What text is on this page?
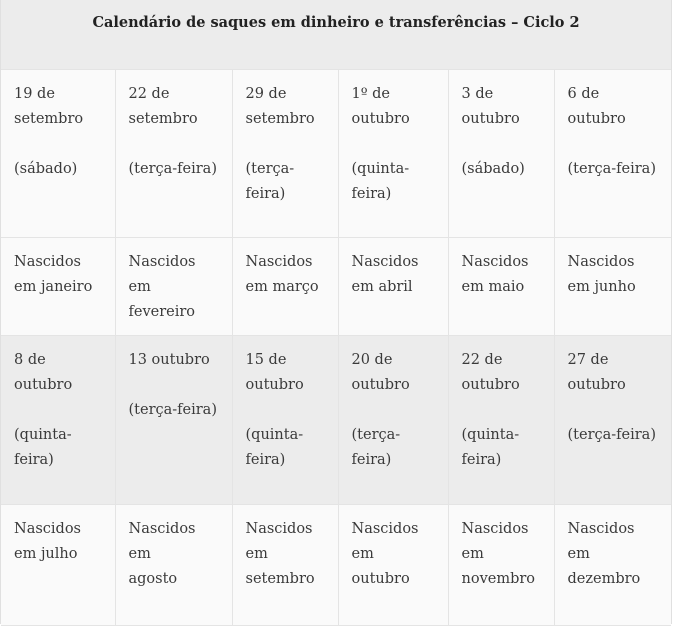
Calendário de saques em dinheiro e transferências – Ciclo 2					

19 de
setembro
(sábado)	22 de
setembro
(terça-feira)	29 de
setembro
(terça-
feira)	1º de
outubro
(quinta-
feira)	3 de
outubro
(sábado)	6 de outubro
(terça-feira)

Nascidos
em janeiro	Nascidos em
fevereiro	Nascidos
em março	Nascidos
em abril	Nascidos
em maio	Nascidos
em junho

8 de
outubro
(quinta-
feira)	13 outubro
(terça-feira)	15 de
outubro
(quinta-
feira)	20 de
outubro
(terça-feira)	22 de
outubro
(quinta-
feira)	27 de
outubro
(terça-feira)

Nascidos
em julho	Nascidos em
agosto	Nascidos
em
setembro	Nascidos
em outubro	Nascidos
em
novembro	Nascidos
em
dezembro
